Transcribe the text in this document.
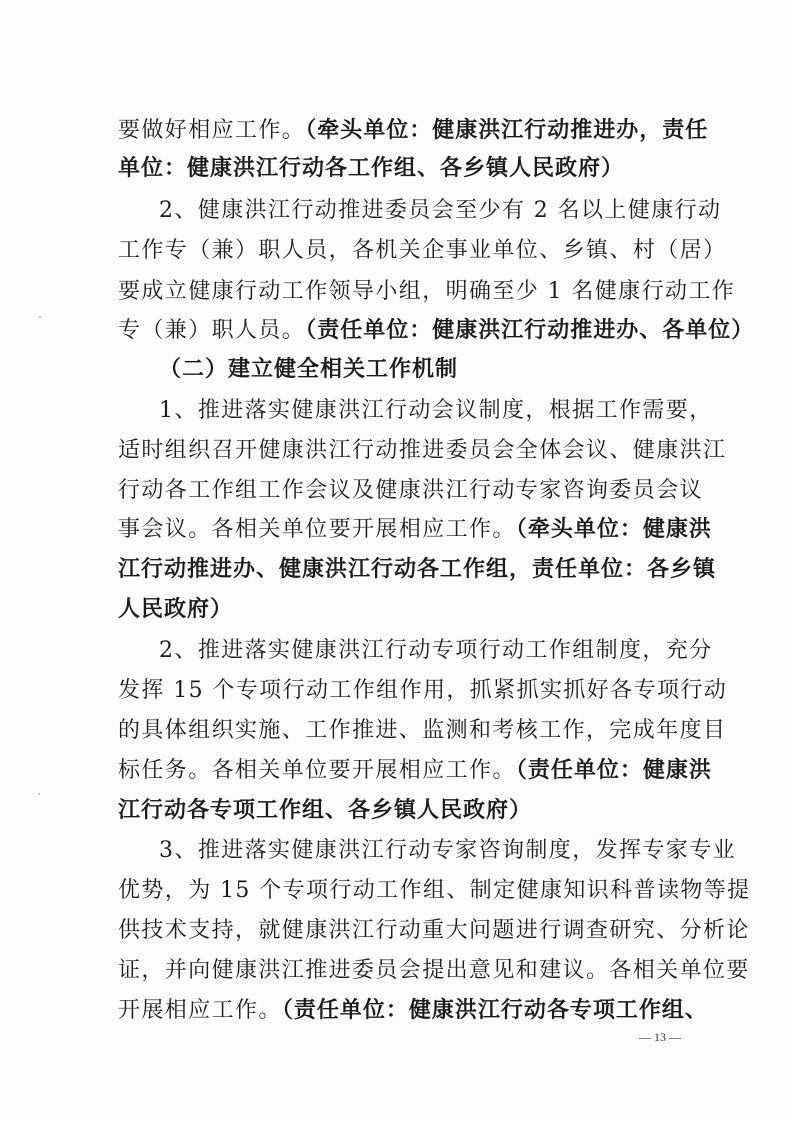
要做好相应工作。（牵头单位：健康洪江行动推进办，责任
单位：健康洪江行动各工作组、各乡镇人民政府）
2、健康洪江行动推进委员会至少有 2 名以上健康行动
工作专（兼）职人员，各机关企事业单位、乡镇、村（居）
要成立健康行动工作领导小组，明确至少 1 名健康行动工作
专（兼）职人员。（责任单位：健康洪江行动推进办、各单位）
（二）建立健全相关工作机制
1、推进落实健康洪江行动会议制度，根据工作需要，
适时组织召开健康洪江行动推进委员会全体会议、健康洪江
行动各工作组工作会议及健康洪江行动专家咨询委员会议
事会议。各相关单位要开展相应工作。（牵头单位：健康洪
江行动推进办、健康洪江行动各工作组，责任单位：各乡镇
人民政府）
2、推进落实健康洪江行动专项行动工作组制度，充分
发挥 15 个专项行动工作组作用，抓紧抓实抓好各专项行动
的具体组织实施、工作推进、监测和考核工作，完成年度目
标任务。各相关单位要开展相应工作。（责任单位：健康洪
江行动各专项工作组、各乡镇人民政府）
3、推进落实健康洪江行动专家咨询制度，发挥专家专业
优势，为 15 个专项行动工作组、制定健康知识科普读物等提
供技术支持，就健康洪江行动重大问题进行调查研究、分析论
证，并向健康洪江推进委员会提出意见和建议。各相关单位要
开展相应工作。（责任单位：健康洪江行动各专项工作组、
— 13 —
